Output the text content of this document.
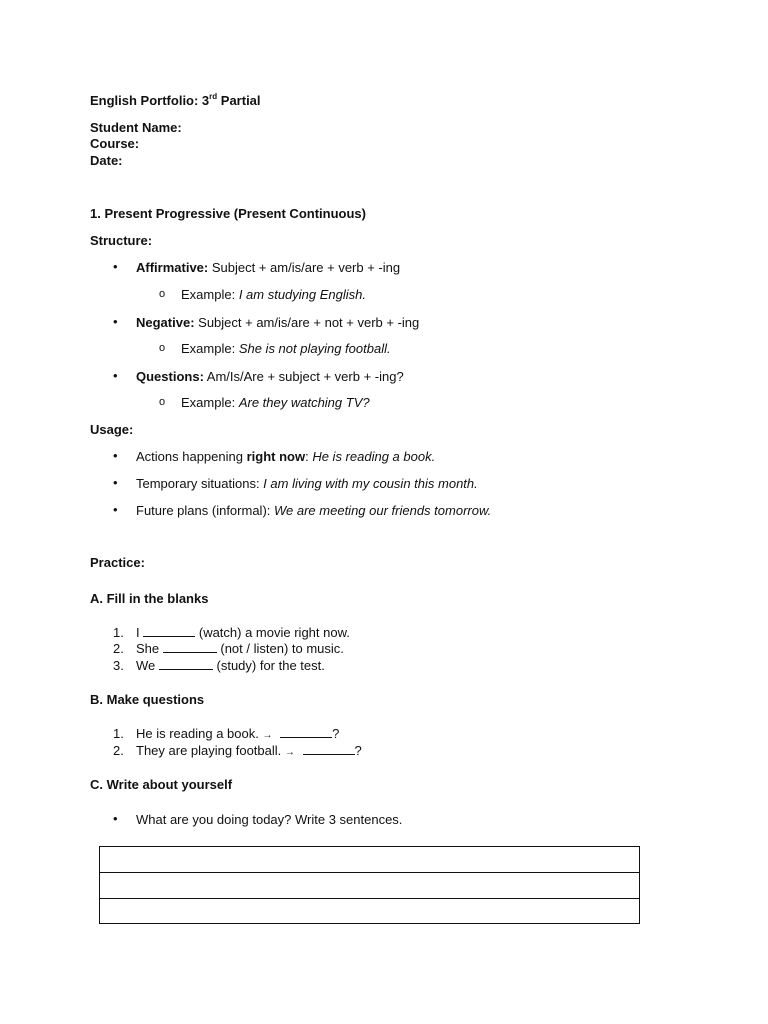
English Portfolio: 3rd Partial
Student Name:
Course:
Date:
1. Present Progressive (Present Continuous)
Structure:
• Affirmative: Subject + am/is/are + verb + -ing
o Example: I am studying English.
• Negative: Subject + am/is/are + not + verb + -ing
o Example: She is not playing football.
• Questions: Am/Is/Are + subject + verb + -ing?
o Example: Are they watching TV?
Usage:
• Actions happening right now: He is reading a book.
• Temporary situations: I am living with my cousin this month.
• Future plans (informal): We are meeting our friends tomorrow.
Practice:
A. Fill in the blanks
1. I	(watch) a movie right now.
2. She	(not / listen) to music.
3. We	(study) for the test.
B. Make questions
1. He is reading a book. →	?
2. They are playing football. →	?
C. Write about yourself
• What are you doing today? Write 3 sentences.
